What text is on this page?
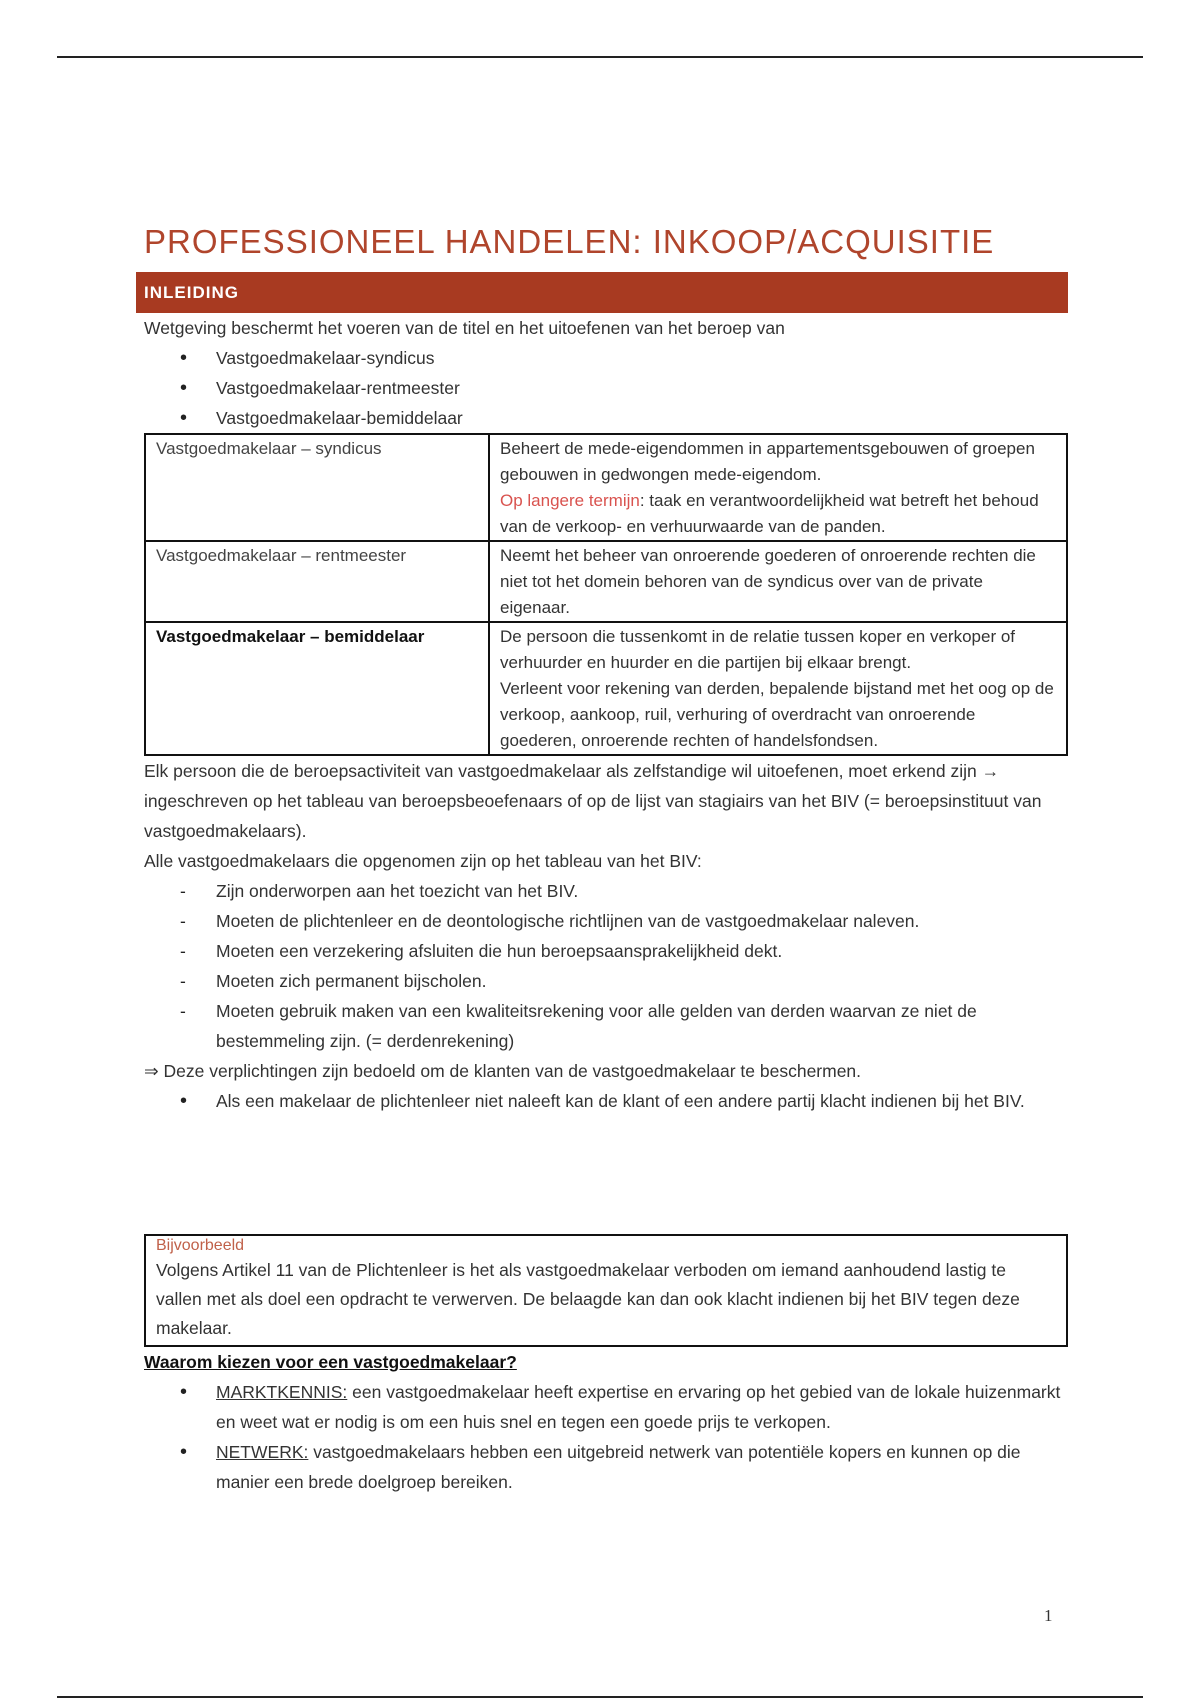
PROFESSIONEEL HANDELEN: INKOOP/ACQUISITIE
INLEIDING

Wetgeving beschermt het voeren van de titel en het uitoefenen van het beroep van

• Vastgoedmakelaar-syndicus
• Vastgoedmakelaar-rentmeester
• Vastgoedmakelaar-bemiddelaar
Vastgoedmakelaar – syndicus	Beheert de mede-eigendommen in appartementsgebouwen of groepen gebouwen in gedwongen mede-eigendom.
Op langere termijn: taak en verantwoordelijkheid wat betreft het behoud van de verkoop- en verhuurwaarde van de panden.
Vastgoedmakelaar – rentmeester	Neemt het beheer van onroerende goederen of onroerende rechten die niet tot het domein behoren van de syndicus over van de private eigenaar.
Vastgoedmakelaar – bemiddelaar	De persoon die tussenkomt in de relatie tussen koper en verkoper of verhuurder en huurder en die partijen bij elkaar brengt.
Verleent voor rekening van derden, bepalende bijstand met het oog op de verkoop, aankoop, ruil, verhuring of overdracht van onroerende goederen, onroerende rechten of handelsfondsen.

Elk persoon die de beroepsactiviteit van vastgoedmakelaar als zelfstandige wil uitoefenen, moet erkend zijn → ingeschreven op het tableau van beroepsbeoefenaars of op de lijst van stagiairs van het BIV (= beroepsinstituut van vastgoedmakelaars).

Alle vastgoedmakelaars die opgenomen zijn op het tableau van het BIV:

- Zijn onderworpen aan het toezicht van het BIV.
- Moeten de plichtenleer en de deontologische richtlijnen van de vastgoedmakelaar naleven.
- Moeten een verzekering afsluiten die hun beroepsaansprakelijkheid dekt.
- Moeten zich permanent bijscholen.
- Moeten gebruik maken van een kwaliteitsrekening voor alle gelden van derden waarvan ze niet de bestemmeling zijn. (= derdenrekening)

⇒ Deze verplichtingen zijn bedoeld om de klanten van de vastgoedmakelaar te beschermen.

• Als een makelaar de plichtenleer niet naleeft kan de klant of een andere partij klacht indienen bij het BIV.
Bijvoorbeeld
Volgens Artikel 11 van de Plichtenleer is het als vastgoedmakelaar verboden om iemand aanhoudend lastig te vallen met als doel een opdracht te verwerven. De belaagde kan dan ook klacht indienen bij het BIV tegen deze makelaar.
Waarom kiezen voor een vastgoedmakelaar?
• MARKTKENNIS: een vastgoedmakelaar heeft expertise en ervaring op het gebied van de lokale huizenmarkt en weet wat er nodig is om een huis snel en tegen een goede prijs te verkopen.
• NETWERK: vastgoedmakelaars hebben een uitgebreid netwerk van potentiële kopers en kunnen op die manier een brede doelgroep bereiken.
1
